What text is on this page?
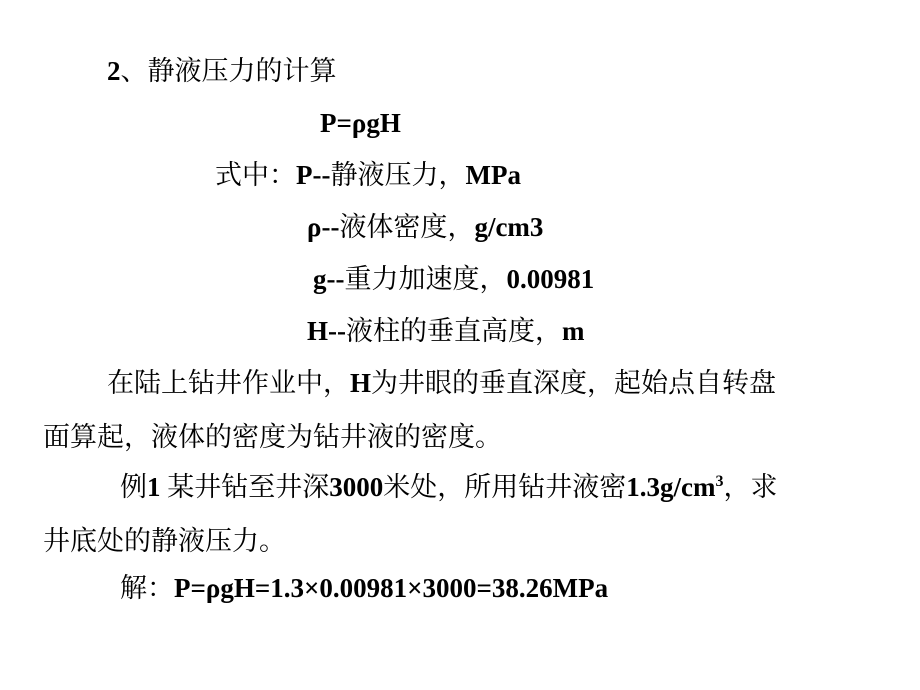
2、静液压力的计算
P=ρgH
式中：P--静液压力，MPa
ρ--液体密度，g/cm3
g--重力加速度，0.00981
H--液柱的垂直高度，m
在陆上钻井作业中，H为井眼的垂直深度，起始点自转盘
面算起，液体的密度为钻井液的密度。
例1 某井钻至井深3000米处，所用钻井液密$1.3g/cm^3$，求
井底处的静液压力。
解：P=ρgH=1.3×0.00981×3000=38.26MPa
